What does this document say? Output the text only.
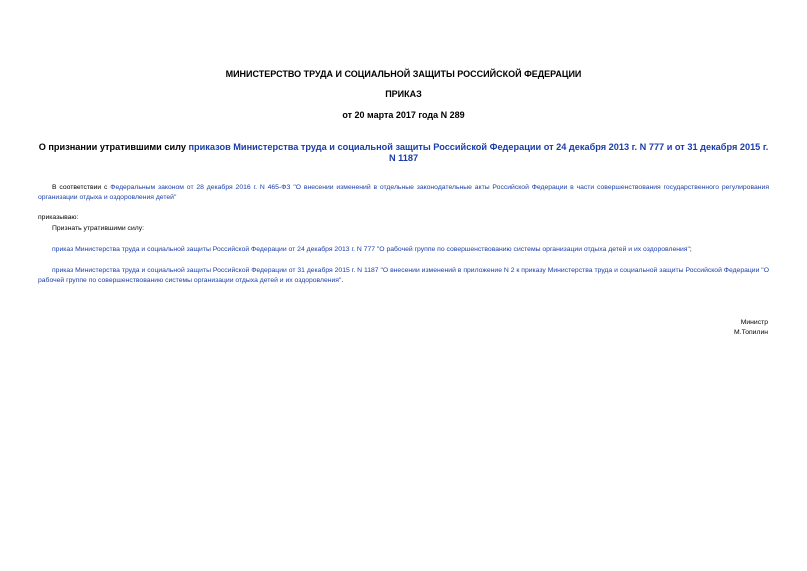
МИНИСТЕРСТВО ТРУДА И СОЦИАЛЬНОЙ ЗАЩИТЫ РОССИЙСКОЙ ФЕДЕРАЦИИ
ПРИКАЗ
от 20 марта 2017 года N 289
О признании утратившими силу приказов Министерства труда и социальной защиты Российской Федерации от 24 декабря 2013 г. N 777 и от 31 декабря 2015 г. N 1187
В соответствии с Федеральным законом от 28 декабря 2016 г. N 465-ФЗ "О внесении изменений в отдельные законодательные акты Российской Федерации в части совершенствования государственного регулирования организации отдыха и оздоровления детей"
приказываю:
Признать утратившими силу:
приказ Министерства труда и социальной защиты Российской Федерации от 24 декабря 2013 г. N 777 "О рабочей группе по совершенствованию системы организации отдыха детей и их оздоровления";
приказ Министерства труда и социальной защиты Российской Федерации от 31 декабря 2015 г. N 1187 "О внесении изменений в приложение N 2 к приказу Министерства труда и социальной защиты Российской Федерации "О рабочей группе по совершенствованию системы организации отдыха детей и их оздоровления".
Министр
М.Топилин
